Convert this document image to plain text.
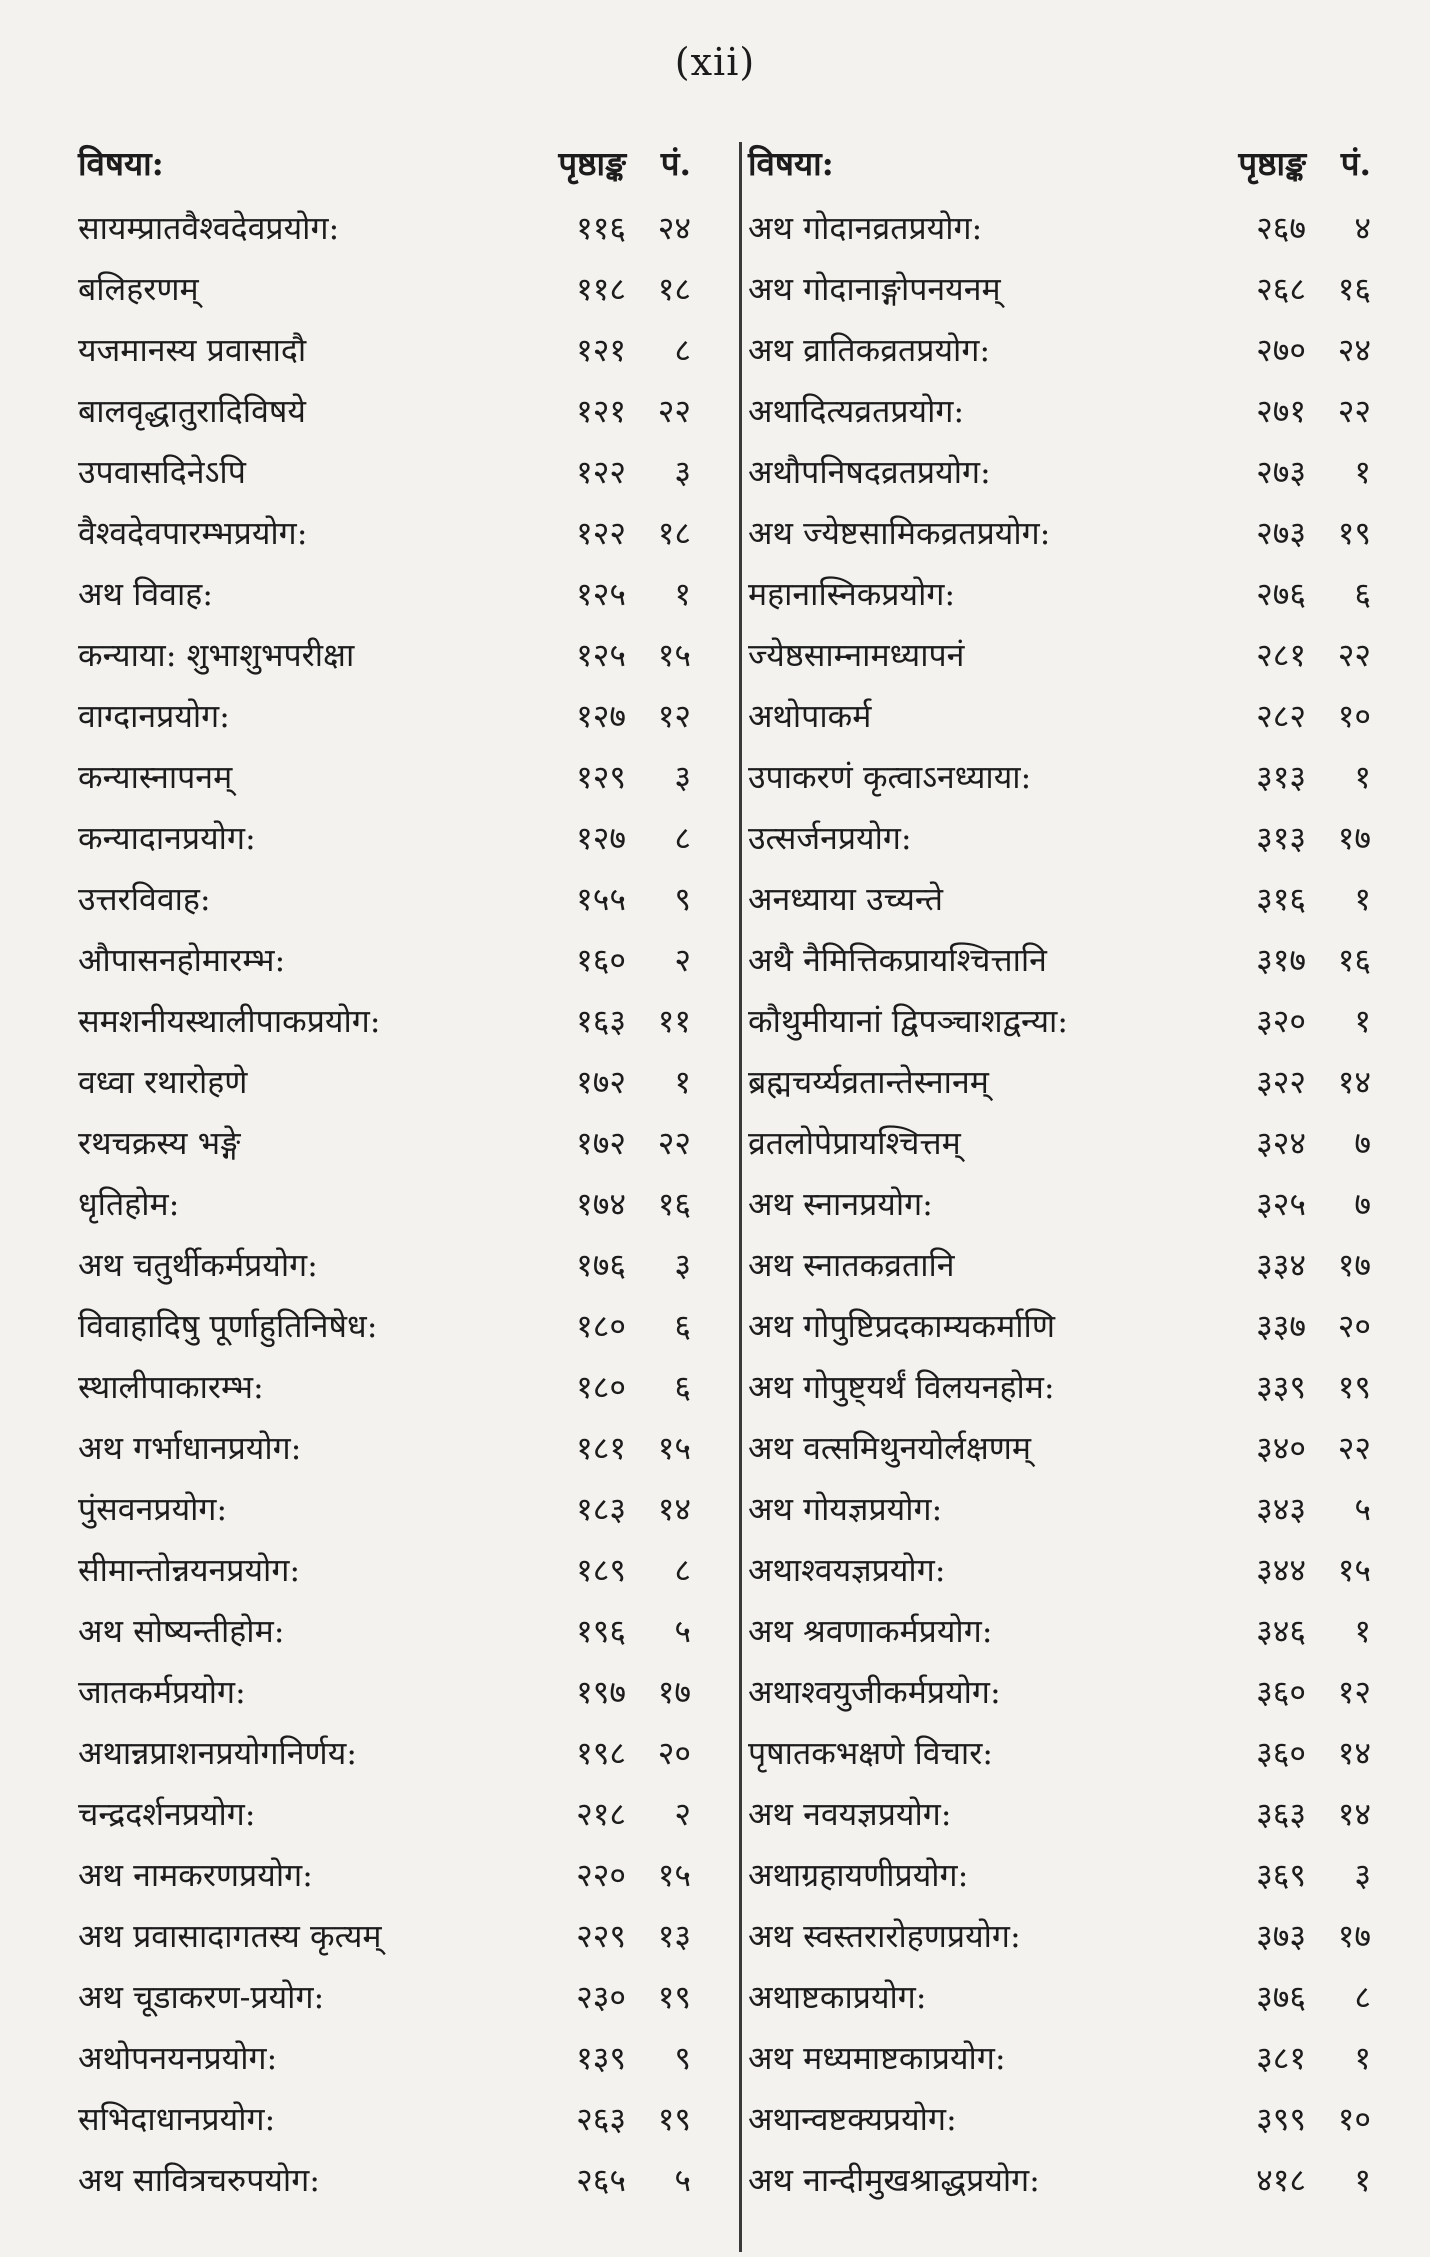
(xii)
विषया:	पृष्ठाङ्क	पं.
सायम्प्रातवैश्वदेवप्रयोग:	११६ २४
बलिहरणम्	११८ १८
यजमानस्य प्रवासादौ	१२१	८
बालवृद्धातुरादिविषये	१२१ २२
उपवासदिनेऽपि	१२२	३
वैश्वदेवपारम्भप्रयोग:	१२२ १८
अथ विवाह:	१२५	१
कन्याया: शुभाशुभपरीक्षा	१२५ १५
वाग्दानप्रयोग:	१२७ १२
कन्यास्नापनम्	१२९	३
कन्यादानप्रयोग:	१२७	८
उत्तरविवाह:	१५५	९
औपासनहोमारम्भ:	१६०	२
समशनीयस्थालीपाकप्रयोग:	१६३ ११
वध्वा रथारोहणे	१७२	१
रथचक्रस्य भङ्गे	१७२ २२
धृतिहोम:	१७४ १६
अथ चतुर्थीकर्मप्रयोग:	१७६	३
विवाहादिषु पूर्णाहुतिनिषेध:	१८०	६
स्थालीपाकारम्भ:	१८०	६
अथ गर्भाधानप्रयोग:	१८१ १५
पुंसवनप्रयोग:	१८३ १४
सीमान्तोन्नयनप्रयोग:	१८९	८
अथ सोष्यन्तीहोम:	१९६	५
जातकर्मप्रयोग:	१९७ १७
अथान्नप्राशनप्रयोगनिर्णय:	१९८ २०
चन्द्रदर्शनप्रयोग:	२१८	२
अथ नामकरणप्रयोग:	२२० १५
अथ प्रवासादागतस्य कृत्यम्	२२९ १३
अथ चूडाकरण-प्रयोग:	२३० १९
अथोपनयनप्रयोग:	१३९	९
सभिदाधानप्रयोग:	२६३ १९
अथ सावित्रचरुपयोग:	२६५	५
विषया:	पृष्ठाङ्क	पं.
अथ गोदानव्रतप्रयोग:	२६७	४
अथ गोदानाङ्गोपनयनम्	२६८ १६
अथ व्रातिकव्रतप्रयोग:	२७० २४
अथादित्यव्रतप्रयोग:	२७१ २२
अथौपनिषदव्रतप्रयोग:	२७३	१
अथ ज्येष्टसामिकव्रतप्रयोग:	२७३ १९
महानास्निकप्रयोग:	२७६	६
ज्येष्ठसाम्नामध्यापनं	२८१ २२
अथोपाकर्म	२८२ १०
उपाकरणं कृत्वाऽनध्याया:	३१३	१
उत्सर्जनप्रयोग:	३१३ १७
अनध्याया उच्यन्ते	३१६	१
अथै नैमित्तिकप्रायश्चित्तानि	३१७ १६
कौथुमीयानां द्विपञ्चाशद्वन्या:	३२०	१
ब्रह्मचर्य्यव्रतान्तेस्नानम्	३२२ १४
व्रतलोपेप्रायश्चित्तम्	३२४	७
अथ स्नानप्रयोग:	३२५	७
अथ स्नातकव्रतानि	३३४ १७
अथ गोपुष्टिप्रदकाम्यकर्माणि	३३७ २०
अथ गोपुष्ट्यर्थं विलयनहोम:	३३९ १९
अथ वत्समिथुनयोर्लक्षणम्	३४० २२
अथ गोयज्ञप्रयोग:	३४३	५
अथाश्वयज्ञप्रयोग:	३४४ १५
अथ श्रवणाकर्मप्रयोग:	३४६	१
अथाश्वयुजीकर्मप्रयोग:	३६० १२
पृषातकभक्षणे विचार:	३६० १४
अथ नवयज्ञप्रयोग:	३६३ १४
अथाग्रहायणीप्रयोग:	३६९	३
अथ स्वस्तरारोहणप्रयोग:	३७३ १७
अथाष्टकाप्रयोग:	३७६	८
अथ मध्यमाष्टकाप्रयोग:	३८१	१
अथान्वष्टक्यप्रयोग:	३९९ १०
अथ नान्दीमुखश्राद्धप्रयोग:	४१८	१
